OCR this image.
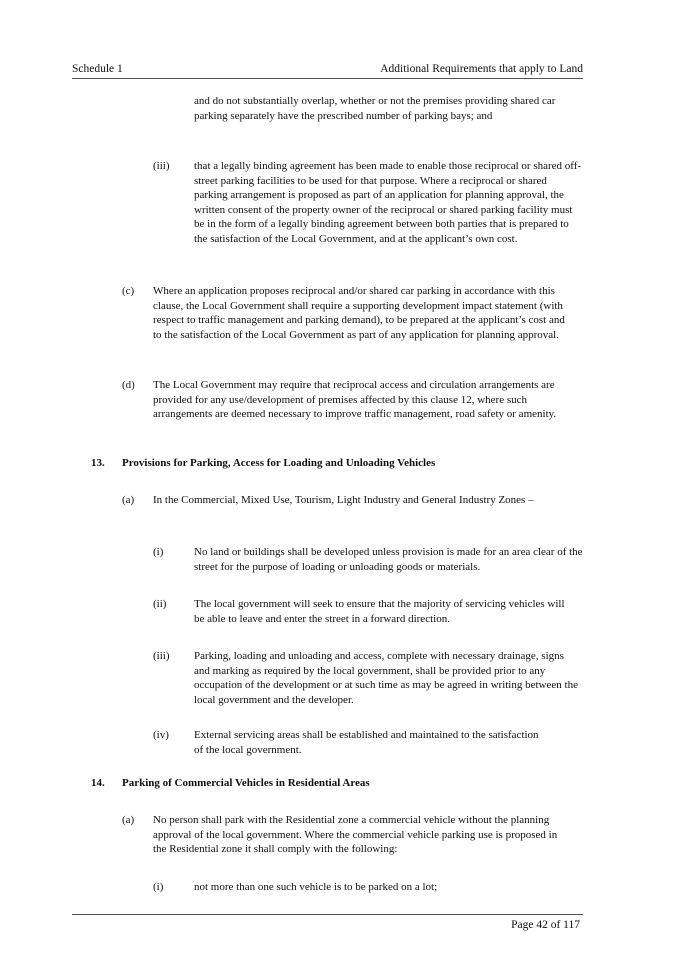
Schedule 1	Additional Requirements that apply to Land
and do not substantially overlap, whether or not the premises providing shared car parking separately have the prescribed number of parking bays; and
(iii) that a legally binding agreement has been made to enable those reciprocal or shared off-street parking facilities to be used for that purpose. Where a reciprocal or shared parking arrangement is proposed as part of an application for planning approval, the written consent of the property owner of the reciprocal or shared parking facility must be in the form of a legally binding agreement between both parties that is prepared to the satisfaction of the Local Government, and at the applicant’s own cost.
(c) Where an application proposes reciprocal and/or shared car parking in accordance with this clause, the Local Government shall require a supporting development impact statement (with respect to traffic management and parking demand), to be prepared at the applicant’s cost and to the satisfaction of the Local Government as part of any application for planning approval.
(d) The Local Government may require that reciprocal access and circulation arrangements are provided for any use/development of premises affected by this clause 12, where such arrangements are deemed necessary to improve traffic management, road safety or amenity.
13. Provisions for Parking, Access for Loading and Unloading Vehicles
(a) In the Commercial, Mixed Use, Tourism, Light Industry and General Industry Zones –
(i)	No land or buildings shall be developed unless provision is made for an area clear of the street for the purpose of loading or unloading goods or materials.
(ii)	The local government will seek to ensure that the majority of servicing vehicles will be able to leave and enter the street in a forward direction.
(iii) Parking, loading and unloading and access, complete with necessary drainage, signs and marking as required by the local government, shall be provided prior to any occupation of the development or at such time as may be agreed in writing between the local government and the developer.
(iv) External servicing areas shall be established and maintained to the satisfaction of the local government.
14. Parking of Commercial Vehicles in Residential Areas
(a) No person shall park with the Residential zone a commercial vehicle without the planning approval of the local government. Where the commercial vehicle parking use is proposed in the Residential zone it shall comply with the following:
(i)	not more than one such vehicle is to be parked on a lot;
Page 42 of 117
